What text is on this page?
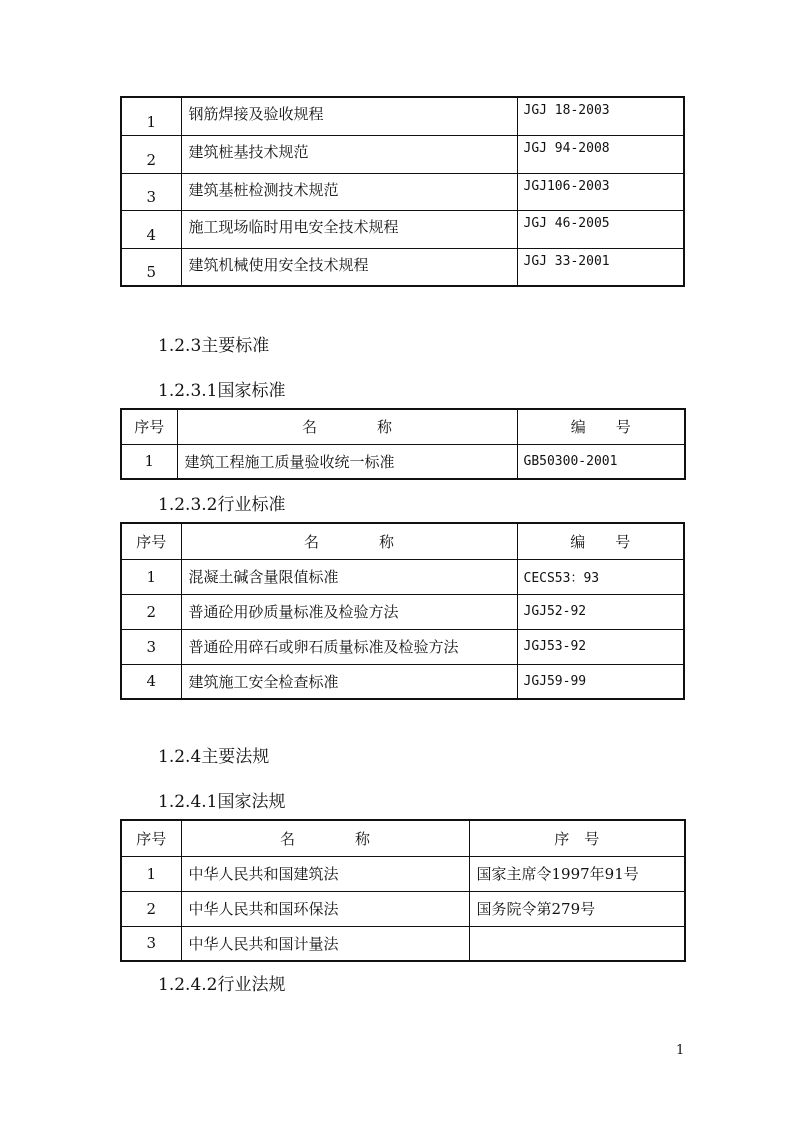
1	钢筋焊接及验收规程	JGJ 18-2003
2	建筑桩基技术规范	JGJ 94-2008
3	建筑基桩检测技术规范	JGJ106-2003
4	施工现场临时用电安全技术规程	JGJ 46-2005
5	建筑机械使用安全技术规程	JGJ 33-2001
1.2.3主要标准
1.2.3.1国家标准
序号	名　　　　称	编　　号
1	建筑工程施工质量验收统一标准	GB50300-2001
1.2.3.2行业标准
序号	名　　　　称	编　　号
1	混凝土碱含量限值标准	CECS53：93
2	普通砼用砂质量标准及检验方法	JGJ52-92
3	普通砼用碎石或卵石质量标准及检验方法	JGJ53-92
4	建筑施工安全检查标准	JGJ59-99
1.2.4主要法规
1.2.4.1国家法规
序号	名　　　　称	序　号
1	中华人民共和国建筑法	国家主席令1997年91号
2	中华人民共和国环保法	国务院令第279号
3	中华人民共和国计量法	
1.2.4.2行业法规
1
